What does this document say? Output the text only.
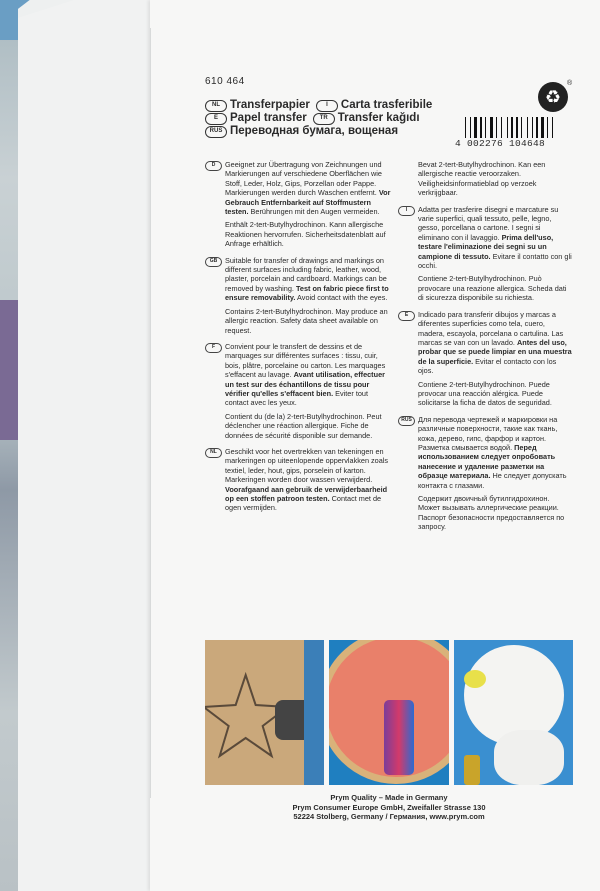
610 464
♻
®
NL Transferpapier	I	Carta trasferibile
E	Papel transfer	TR Transfer kağıdı
RUS Переводная бумага, вощеная
4 002276 104648
D	Geeignet zur Übertragung von Zeichnungen und Markierungen auf verschiedene Oberflächen wie Stoff, Leder, Holz, Gips, Porzellan oder Pappe. Markierungen werden durch Waschen entfernt. Vor Gebrauch Entfernbarkeit auf Stoffmustern testen. Berührungen mit den Augen vermeiden.

Enthält 2-tert-Butylhydrochinon. Kann allergische Reaktionen hervorrufen. Sicherheitsdatenblatt auf Anfrage erhältlich.

GB	Suitable for transfer of drawings and markings on different surfaces including fabric, leather, wood, plaster, porcelain and cardboard. Markings can be removed by washing. Test on fabric piece first to ensure removability. Avoid contact with the eyes.

Contains 2-tert-Butylhydrochinon. May produce an allergic reaction. Safety data sheet available on request.

F	Convient pour le transfert de dessins et de marquages sur différentes surfaces : tissu, cuir, bois, plâtre, porcelaine ou carton. Les marquages s'effacent au lavage. Avant utilisation, effectuer un test sur des échantillons de tissu pour vérifier qu'elles s'effacent bien. Eviter tout contact avec les yeux.

Contient du (de la) 2-tert-Butylhydrochinon. Peut déclencher une réaction allergique. Fiche de données de sécurité disponible sur demande.

NL	Geschikt voor het overtrekken van tekeningen en markeringen op uiteenlopende oppervlakken zoals textiel, leder, hout, gips, porselein of karton. Markeringen worden door wassen verwijderd. Voorafgaand aan gebruik de verwijderbaarheid op een stoffen patroon testen. Contact met de ogen vermijden.

Bevat 2-tert-Butylhydrochinon. Kan een allergische reactie veroorzaken. Veiligheidsinformatieblad op verzoek verkrijgbaar.

I	Adatta per trasferire disegni e marcature su varie superfici, quali tessuto, pelle, legno, gesso, porcellana o cartone. I segni si eliminano con il lavaggio. Prima dell'uso, testare l'eliminazione dei segni su un campione di tessuto. Evitare il contatto con gli occhi.

Contiene 2-tert-Butylhydrochinon. Può provocare una reazione allergica. Scheda dati di sicurezza disponibile su richiesta.

E	Indicado para transferir dibujos y marcas a diferentes superficies como tela, cuero, madera, escayola, porcelana o cartulina. Las marcas se van con un lavado. Antes del uso, probar que se puede limpiar en una muestra de la superficie. Evitar el contacto con los ojos.

Contiene 2-tert-Butylhydrochinon. Puede provocar una reacción alérgica. Puede solicitarse la ficha de datos de seguridad.

RUS Для перевода чертежей и маркировки на различные поверхности, такие как ткань, кожа, дерево, гипс, фарфор и картон. Разметка смывается водой. Перед использованием следует опробовать нанесение и удаление разметки на образце материала. Не следует допускать контакта с глазами.

Содержит двоичный бутилгидрохинон. Может вызывать аллергические реакции. Паспорт безопасности предоставляется по запросу.

Prym Quality – Made in Germany
Prym Consumer Europe GmbH, Zweifaller Strasse 130
52224 Stolberg, Germany / Германия, www.prym.com
